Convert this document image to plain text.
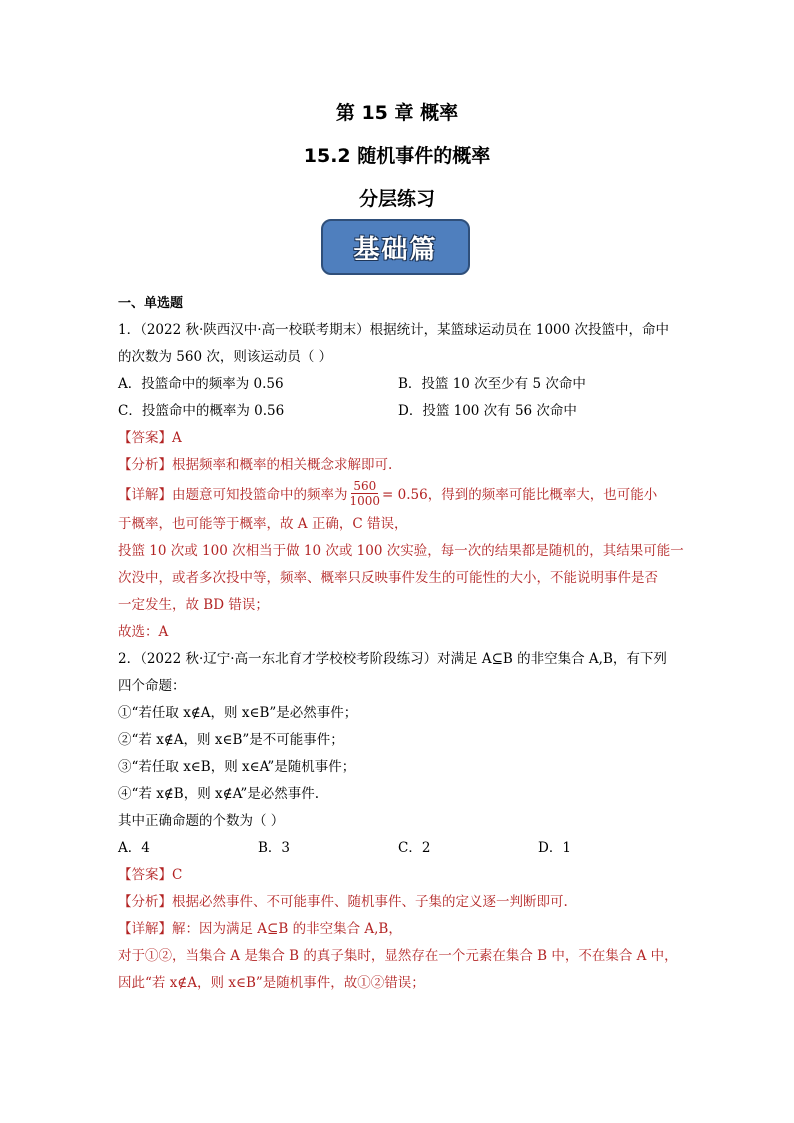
第 15 章 概率
15.2 随机事件的概率
分层练习
基础篇
一、单选题
1．（2022 秋·陕西汉中·高一校联考期末）根据统计，某篮球运动员在 1000 次投篮中，命中
的次数为 560 次，则该运动员（ ）
A．投篮命中的频率为 0.56	B．投篮 10 次至少有 5 次命中
C．投篮命中的概率为 0.56	D．投篮 100 次有 56 次命中
【答案】A
【分析】根据频率和概率的相关概念求解即可.
【详解】由题意可知投篮命中的频率为 $\frac{560}{1000} = 0.56$，得到的频率可能比概率大，也可能小
于概率，也可能等于概率，故 A 正确，C 错误，
投篮 10 次或 100 次相当于做 10 次或 100 次实验，每一次的结果都是随机的，其结果可能一
次没中，或者多次投中等，频率、概率只反映事件发生的可能性的大小，不能说明事件是否
一定发生，故 BD 错误；
故选：A
2．（2022 秋·辽宁·高一东北育才学校校考阶段练习）对满足 A⊆B 的非空集合 A,B，有下列
四个命题：
①“若任取 x∉A，则 x∈B”是必然事件；
②“若 x∉A，则 x∈B”是不可能事件；
③“若任取 x∈B，则 x∈A”是随机事件；
④“若 x∉B，则 x∉A”是必然事件.
其中正确命题的个数为（ ）
A．4	B．3	C．2	D．1
【答案】C
【分析】根据必然事件、不可能事件、随机事件、子集的定义逐一判断即可.
【详解】解：因为满足 A⊆B 的非空集合 A,B，
对于①②，当集合 A 是集合 B 的真子集时，显然存在一个元素在集合 B 中，不在集合 A 中，
因此“若 x∉A，则 x∈B”是随机事件，故①②错误；
